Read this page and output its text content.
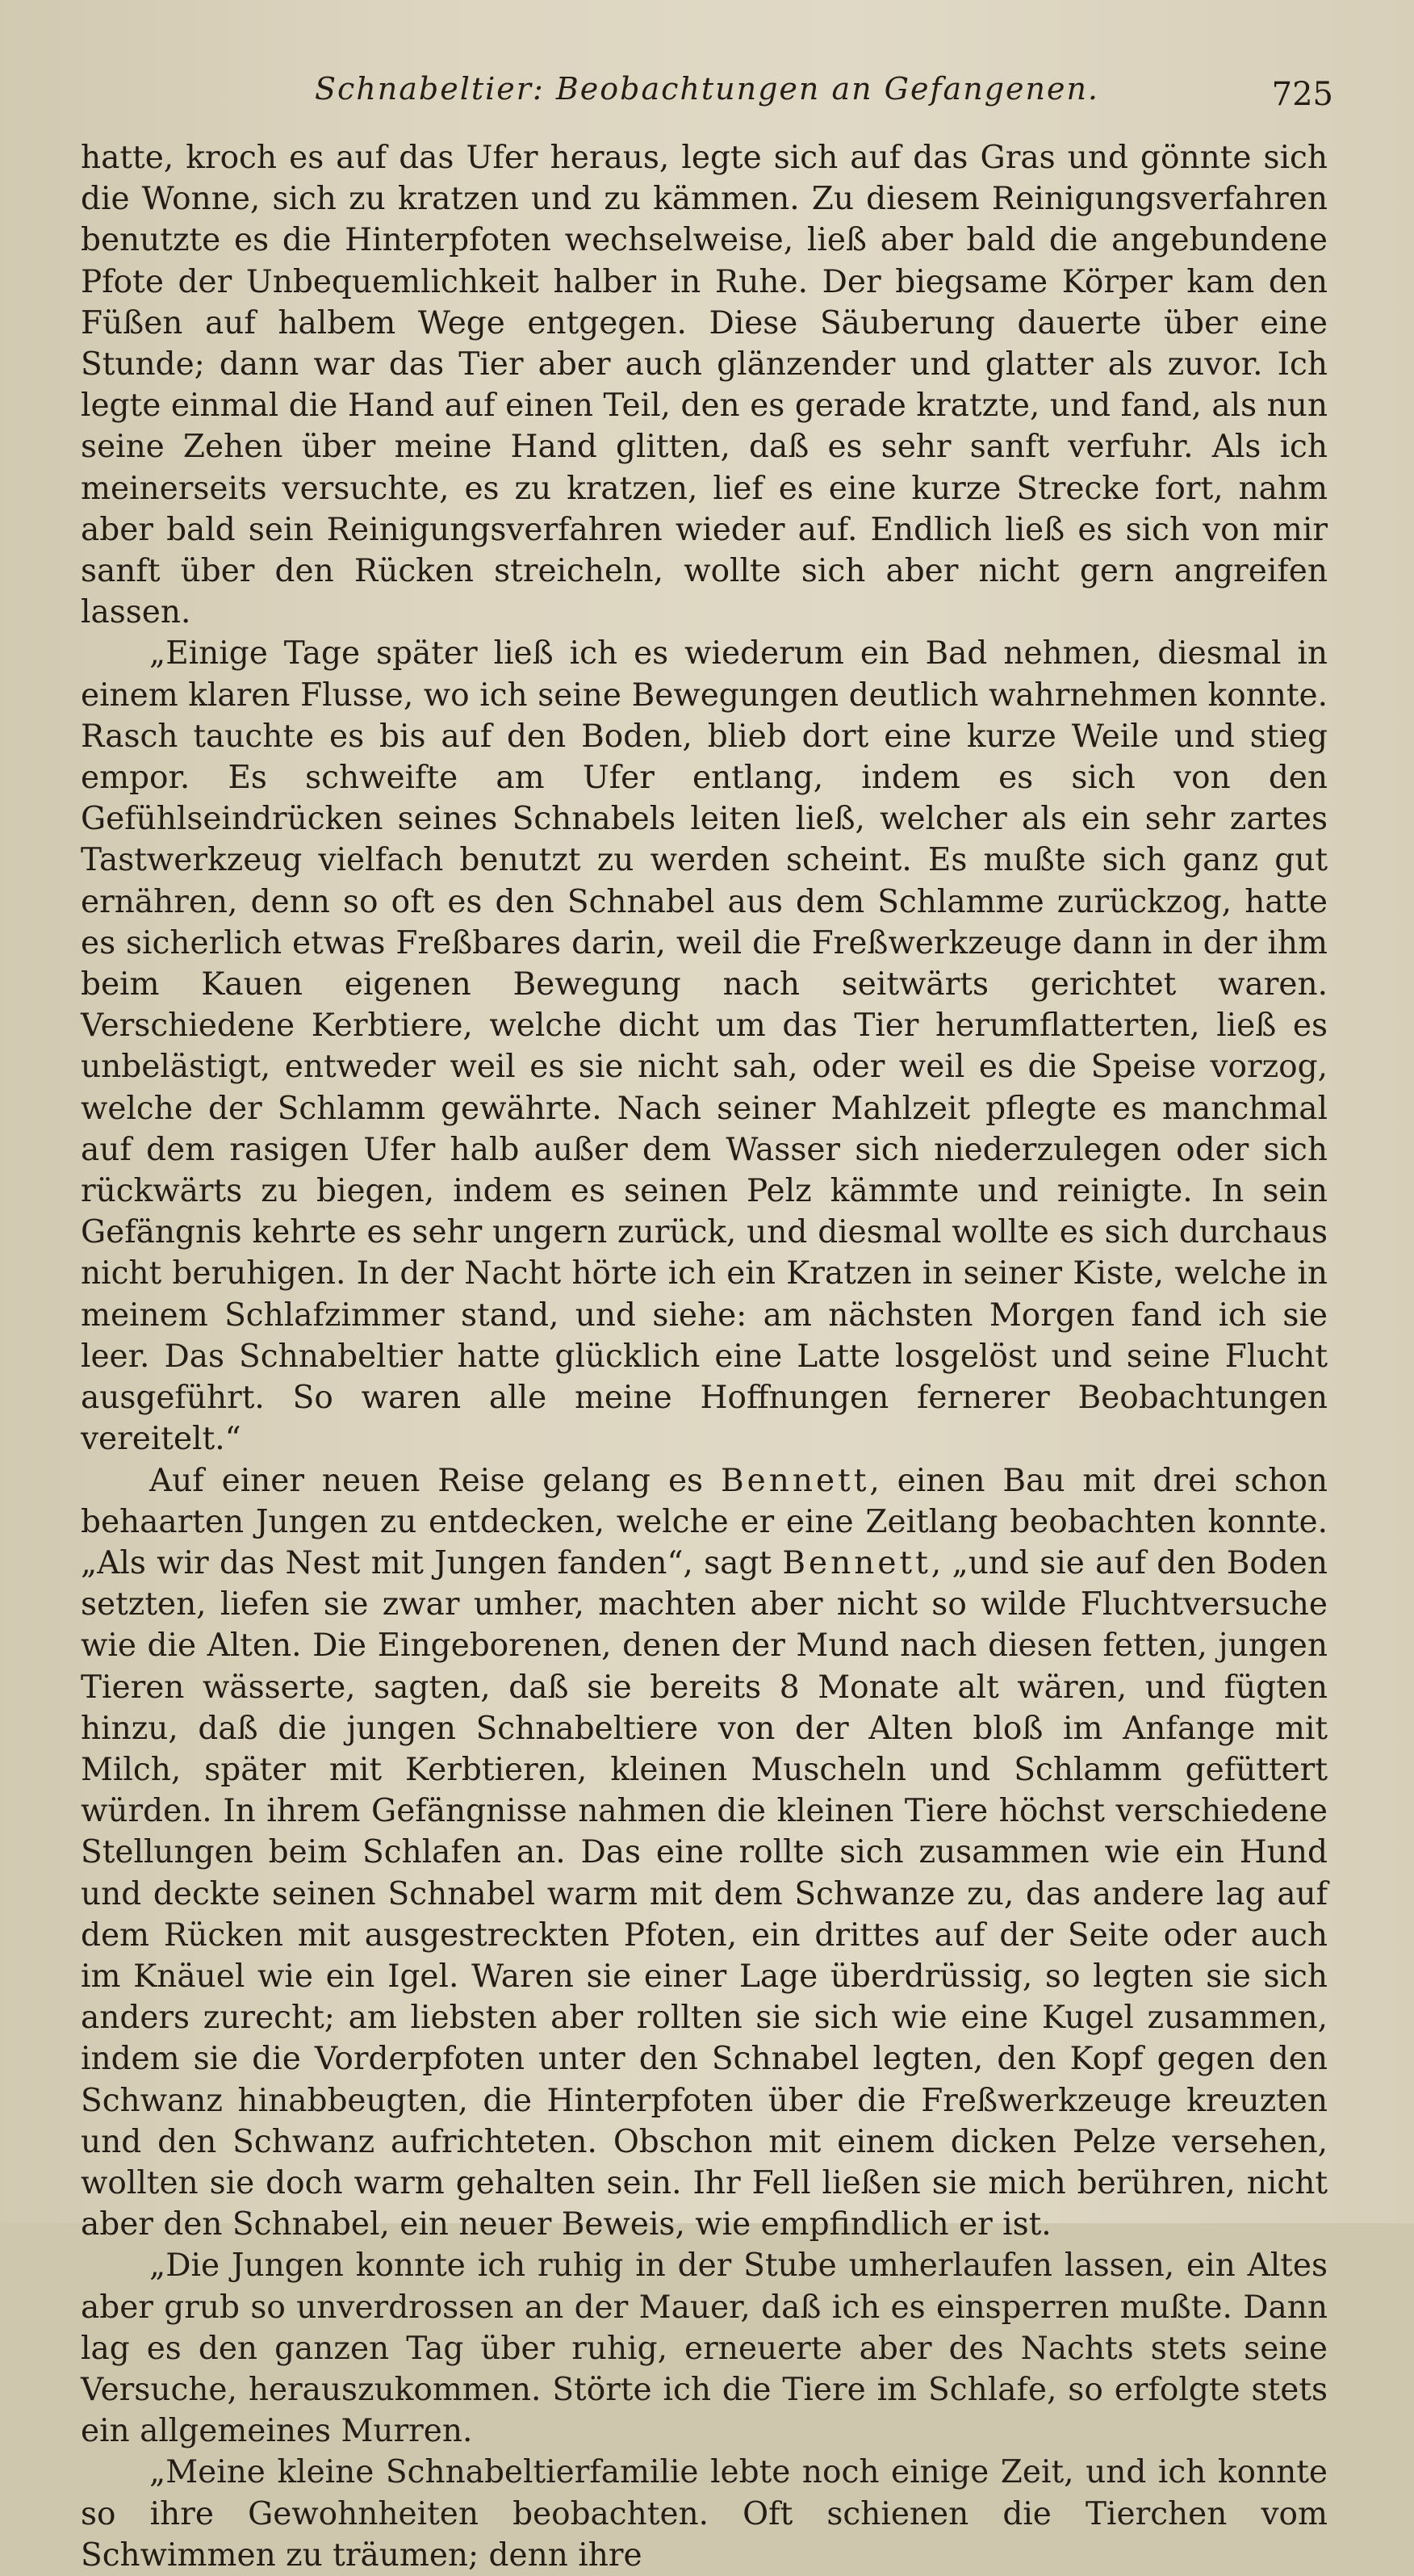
Schnabeltier: Beobachtungen an Gefangenen.	725

hatte, kroch es auf das Ufer heraus, legte sich auf das Gras und gönnte sich die Wonne, sich zu kratzen und zu kämmen. Zu diesem Reinigungsverfahren benutzte es die Hinterpfoten wechselweise, ließ aber bald die angebundene Pfote der Unbequemlichkeit halber in Ruhe. Der biegsame Körper kam den Füßen auf halbem Wege entgegen. Diese Säuberung dauerte über eine Stunde; dann war das Tier aber auch glänzender und glatter als zuvor. Ich legte einmal die Hand auf einen Teil, den es gerade kratzte, und fand, als nun seine Zehen über meine Hand glitten, daß es sehr sanft verfuhr. Als ich meinerseits versuchte, es zu kratzen, lief es eine kurze Strecke fort, nahm aber bald sein Reinigungsverfahren wieder auf. Endlich ließ es sich von mir sanft über den Rücken streicheln, wollte sich aber nicht gern angreifen lassen.

„Einige Tage später ließ ich es wiederum ein Bad nehmen, diesmal in einem klaren Flusse, wo ich seine Bewegungen deutlich wahrnehmen konnte. Rasch tauchte es bis auf den Boden, blieb dort eine kurze Weile und stieg empor. Es schweifte am Ufer entlang, indem es sich von den Gefühlseindrücken seines Schnabels leiten ließ, welcher als ein sehr zartes Tastwerkzeug vielfach benutzt zu werden scheint. Es mußte sich ganz gut ernähren, denn so oft es den Schnabel aus dem Schlamme zurückzog, hatte es sicherlich etwas Freßbares darin, weil die Freßwerkzeuge dann in der ihm beim Kauen eigenen Bewegung nach seitwärts gerichtet waren. Verschiedene Kerbtiere, welche dicht um das Tier herumflatterten, ließ es unbelästigt, entweder weil es sie nicht sah, oder weil es die Speise vorzog, welche der Schlamm gewährte. Nach seiner Mahlzeit pflegte es manchmal auf dem rasigen Ufer halb außer dem Wasser sich niederzulegen oder sich rückwärts zu biegen, indem es seinen Pelz kämmte und reinigte. In sein Gefängnis kehrte es sehr ungern zurück, und diesmal wollte es sich durchaus nicht beruhigen. In der Nacht hörte ich ein Kratzen in seiner Kiste, welche in meinem Schlafzimmer stand, und siehe: am nächsten Morgen fand ich sie leer. Das Schnabeltier hatte glücklich eine Latte losgelöst und seine Flucht ausgeführt. So waren alle meine Hoffnungen fernerer Beobachtungen vereitelt.“

Auf einer neuen Reise gelang es Bennett, einen Bau mit drei schon behaarten Jungen zu entdecken, welche er eine Zeitlang beobachten konnte. „Als wir das Nest mit Jungen fanden“, sagt Bennett, „und sie auf den Boden setzten, liefen sie zwar umher, machten aber nicht so wilde Fluchtversuche wie die Alten. Die Eingeborenen, denen der Mund nach diesen fetten, jungen Tieren wässerte, sagten, daß sie bereits 8 Monate alt wären, und fügten hinzu, daß die jungen Schnabeltiere von der Alten bloß im Anfange mit Milch, später mit Kerbtieren, kleinen Muscheln und Schlamm gefüttert würden. In ihrem Gefängnisse nahmen die kleinen Tiere höchst verschiedene Stellungen beim Schlafen an. Das eine rollte sich zusammen wie ein Hund und deckte seinen Schnabel warm mit dem Schwanze zu, das andere lag auf dem Rücken mit ausgestreckten Pfoten, ein drittes auf der Seite oder auch im Knäuel wie ein Igel. Waren sie einer Lage überdrüssig, so legten sie sich anders zurecht; am liebsten aber rollten sie sich wie eine Kugel zusammen, indem sie die Vorderpfoten unter den Schnabel legten, den Kopf gegen den Schwanz hinabbeugten, die Hinterpfoten über die Freßwerkzeuge kreuzten und den Schwanz aufrichteten. Obschon mit einem dicken Pelze versehen, wollten sie doch warm gehalten sein. Ihr Fell ließen sie mich berühren, nicht aber den Schnabel, ein neuer Beweis, wie empfindlich er ist.

„Die Jungen konnte ich ruhig in der Stube umherlaufen lassen, ein Altes aber grub so unverdrossen an der Mauer, daß ich es einsperren mußte. Dann lag es den ganzen Tag über ruhig, erneuerte aber des Nachts stets seine Versuche, herauszukommen. Störte ich die Tiere im Schlafe, so erfolgte stets ein allgemeines Murren.

„Meine kleine Schnabeltierfamilie lebte noch einige Zeit, und ich konnte so ihre Gewohnheiten beobachten. Oft schienen die Tierchen vom Schwimmen zu träumen; denn ihre
